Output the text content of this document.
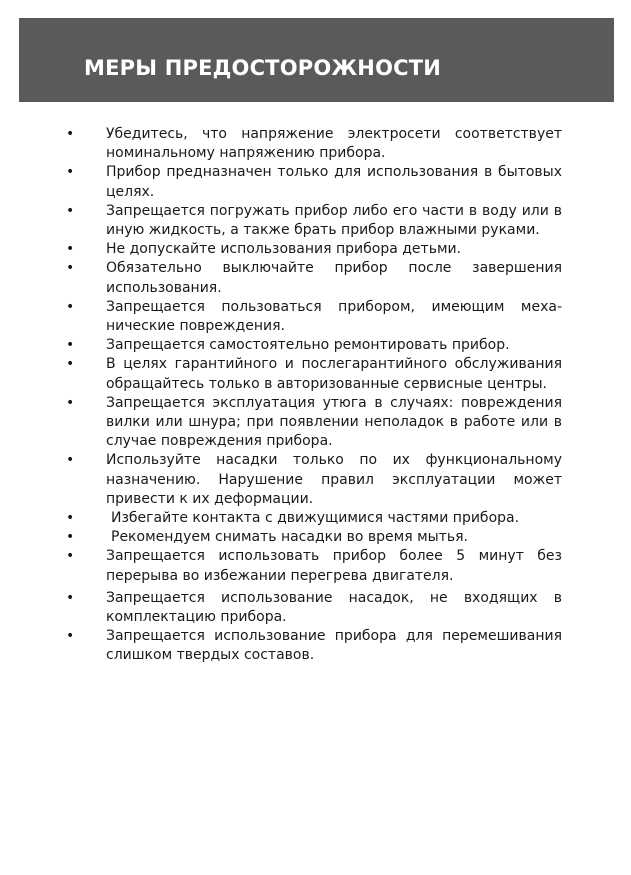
МЕРЫ ПРЕДОСТОРОЖНОСТИ
• Убедитесь, что напряжение электросети соответствует
номинальному напряжению прибора.
• Прибор предназначен только для использования в бытовых
целях.
• Запрещается погружать прибор либо его части в воду или в
иную жидкость, а также брать прибор влажными руками.
• Не допускайте использования прибора детьми.
• Обязательно выключайте прибор после завершения
использования.
• Запрещается пользоваться прибором, имеющим меха-
нические повреждения.
• Запрещается самостоятельно ремонтировать прибор.
• В целях гарантийного и послегарантийного обслуживания
обращайтесь только в авторизованные сервисные центры.
• Запрещается эксплуатация утюга в случаях: повреждения
вилки или шнура; при появлении неполадок в работе или в
случае повреждения прибора.
• Используйте насадки только по их функциональному
назначению. Нарушение правил эксплуатации может
привести к их деформации.
•	Избегайте контакта с движущимися частями прибора.
•	Рекомендуем снимать насадки во время мытья.
• Запрещается использовать прибор более 5 минут без
перерыва во избежании перегрева двигателя.
• Запрещается использование насадок, не входящих в
комплектацию прибора.
• Запрещается использование прибора для перемешивания
слишком твердых составов.
